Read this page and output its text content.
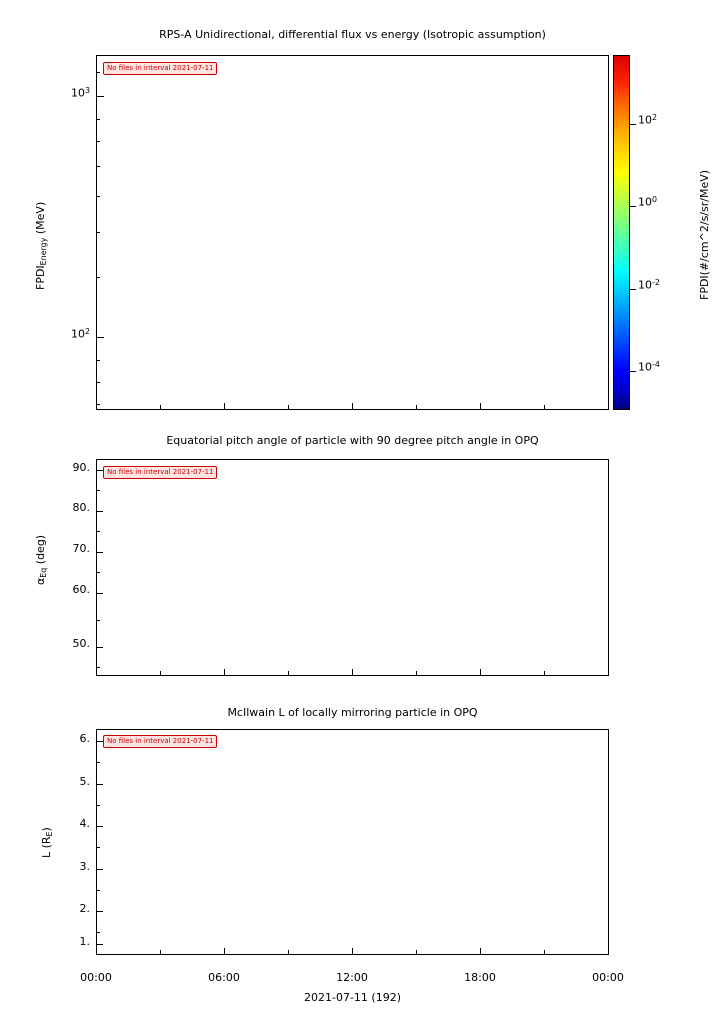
RPS-A Unidirectional, differential flux vs energy (Isotropic assumption)
No files in interval 2021-07-11
$FPDI_{Energy}$ (MeV)
$10^3$
$10^2$
FPDI(#/cm^2/s/sr/MeV)
$10^2$
$10^0$
$10^{-2}$
$10^{-4}$
Equatorial pitch angle of particle with 90 degree pitch angle in OPQ
No files in interval 2021-07-11
$\alpha_{Eq}$ (deg)
90.
80.
70.
60.
50.
McIlwain L of locally mirroring particle in OPQ
No files in interval 2021-07-11
L $(R_E)$
6.
5.
4.
3.
2.
1.
00:00	06:00	12:00	18:00	00:00
2021-07-11 (192)
